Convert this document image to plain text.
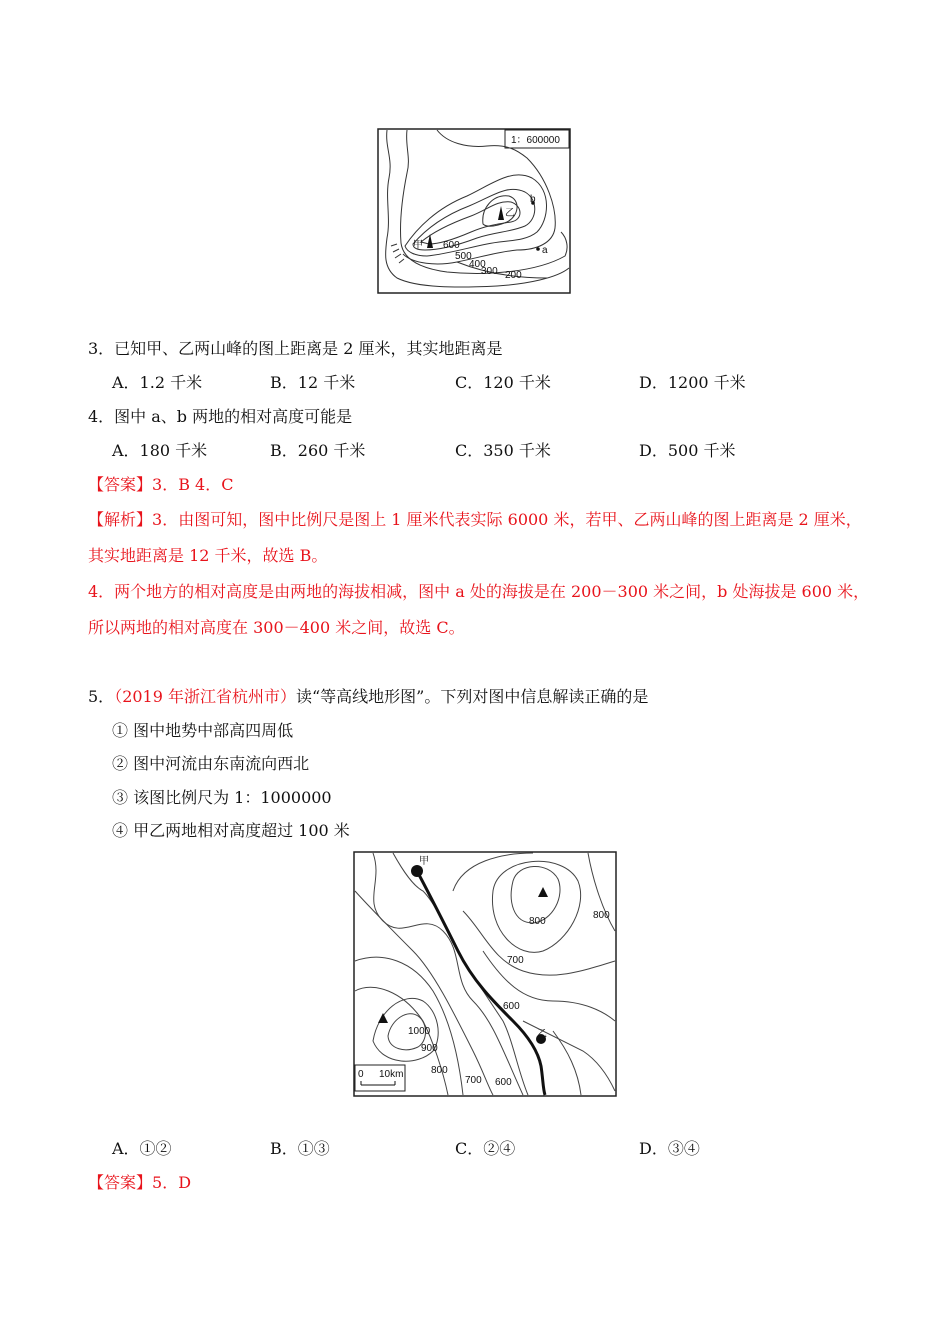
1：600000
甲
乙
b
a
600
500
400
300 200
3．已知甲、乙两山峰的图上距离是 2 厘米，其实地距离是
A．1.2 千米	B．12 千米	C．120 千米	D．1200 千米
4．图中 a、b 两地的相对高度可能是
A．180 千米	B．260 千米	C．350 千米	D．500 千米
【答案】3．B 4．C
【解析】3．由图可知，图中比例尺是图上 1 厘米代表实际 6000 米，若甲、乙两山峰的图上距离是 2 厘米，
其实地距离是 12 千米，故选 B。
4．两个地方的相对高度是由两地的海拔相减，图中 a 处的海拔是在 200－300 米之间，b 处海拔是 600 米，
所以两地的相对高度在 300－400 米之间，故选 C。
5．（2019 年浙江省杭州市）读“等高线地形图”。下列对图中信息解读正确的是
① 图中地势中部高四周低
② 图中河流由东南流向西北
③ 该图比例尺为 1：1000000
④ 甲乙两地相对高度超过 100 米
甲
乙
800
800
700
600
1000
900
800
700 600
0 10km
A．①②	B．①③	C．②④	D．③④
【答案】5．D
